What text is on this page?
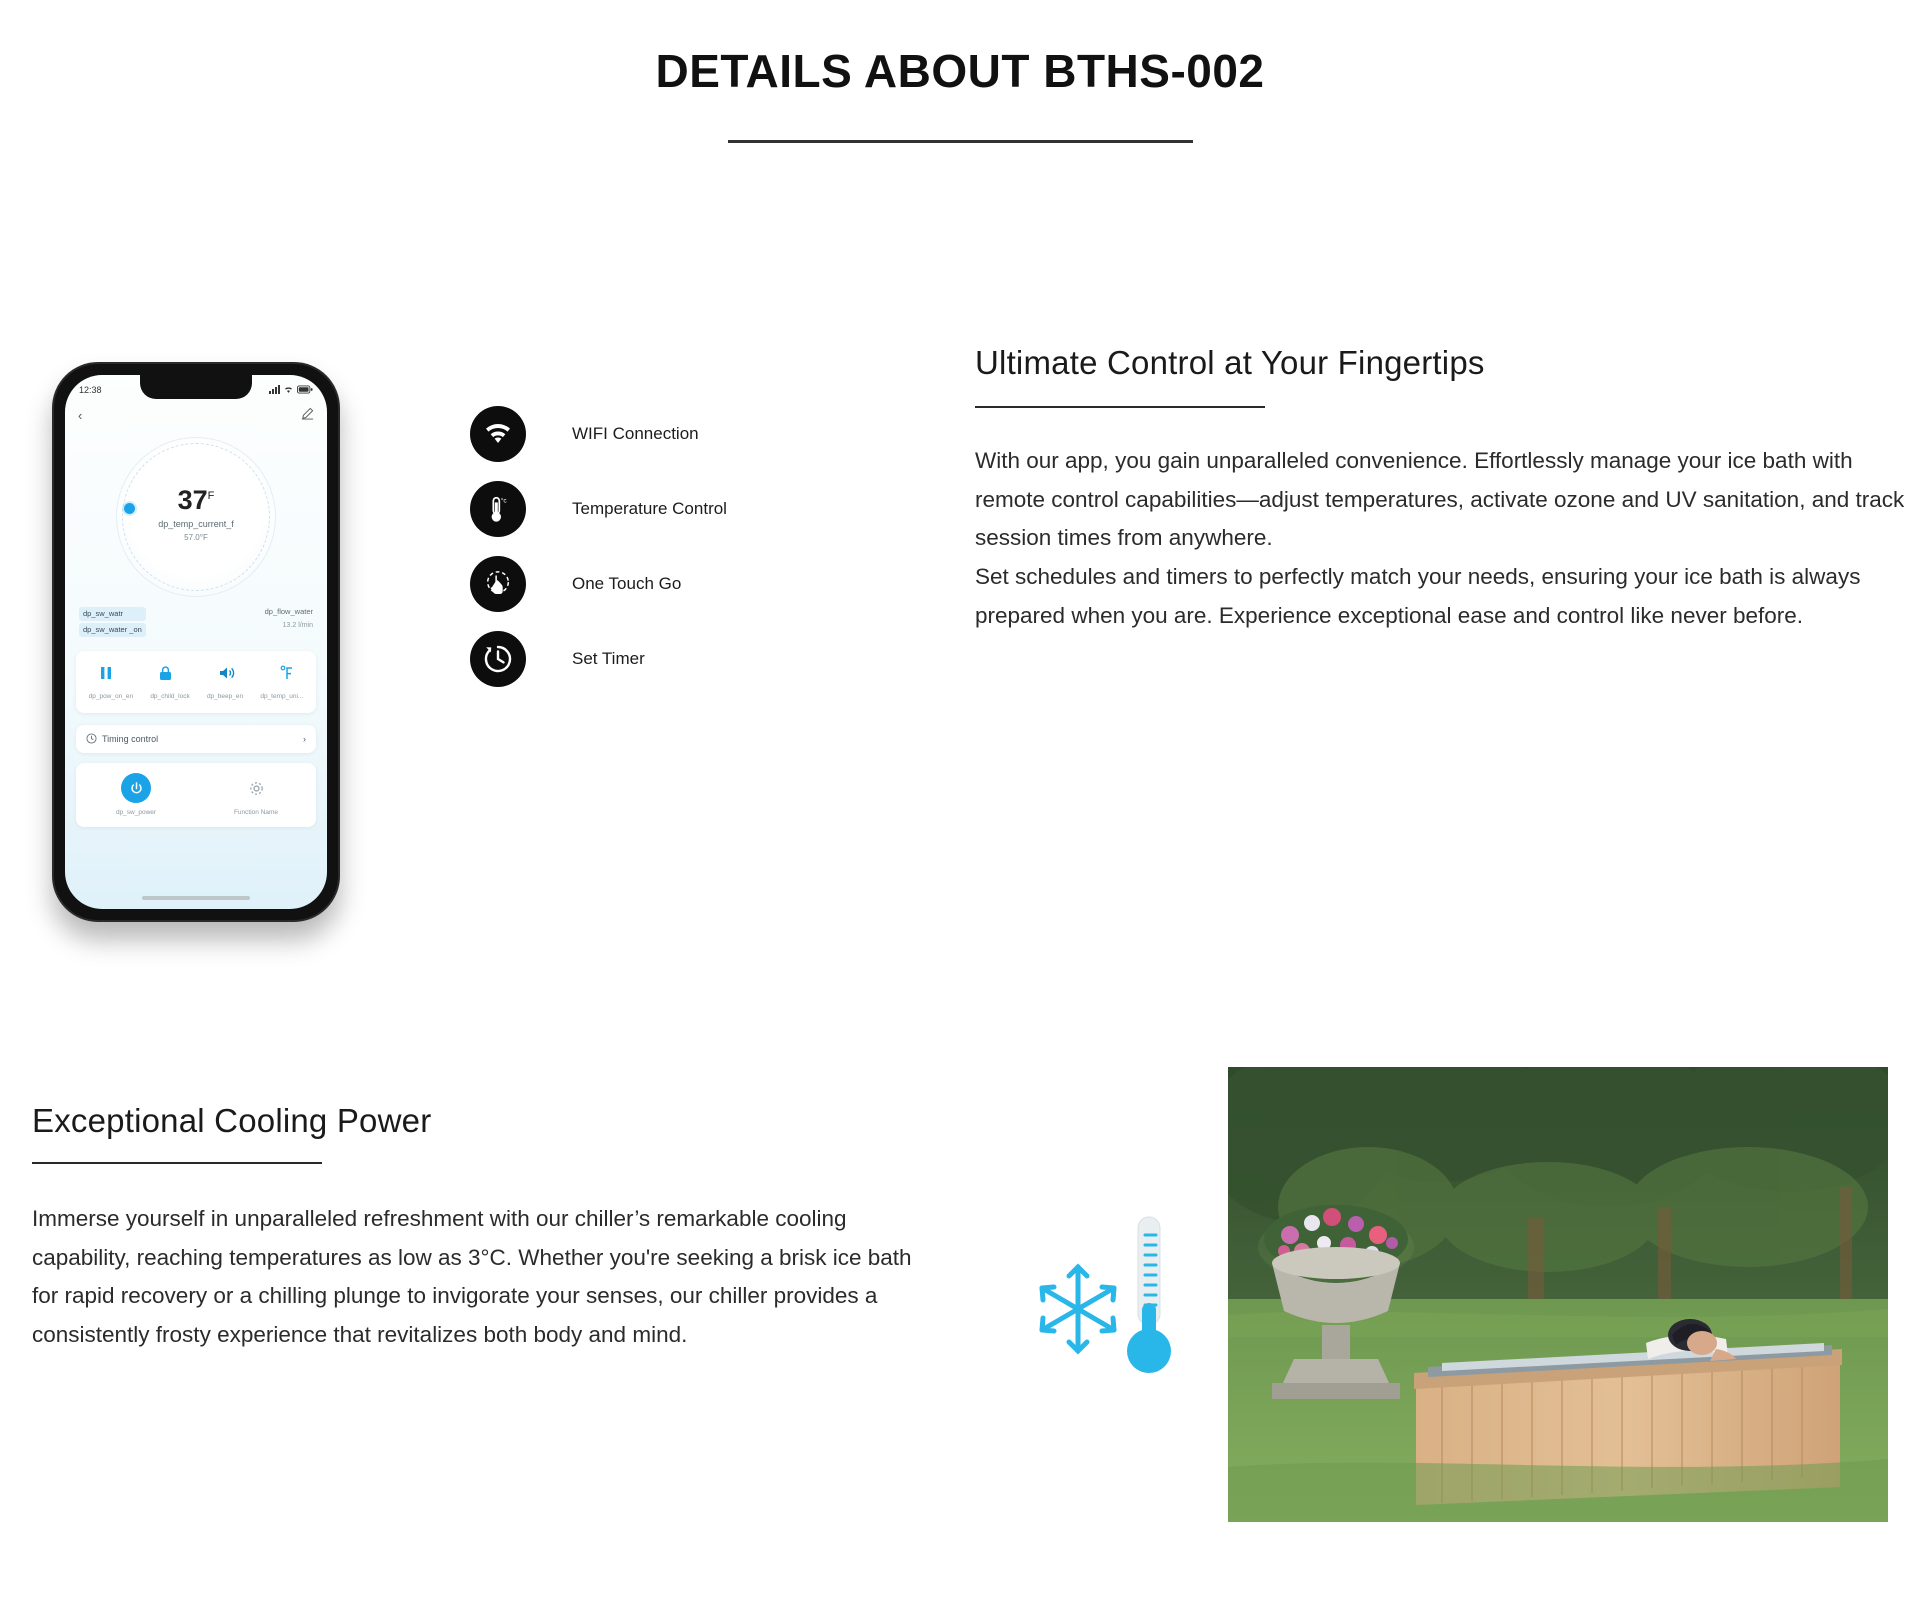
DETAILS ABOUT BTHS-002
12:38
‹
$37^F$
dp_temp_current_f
57.0°F
dp_sw_watr
dp_sw_water _on
dp_flow_water
13.2 l/min
dp_pow_on_en	dp_child_lock	dp_beep_en	dp_temp_uni...
Timing control	›
dp_sw_power	Function Name
WIFI Connection
°c	Temperature Control
One Touch Go
Set Timer
Ultimate Control at Your Fingertips

With our app, you gain unparalleled convenience. Effortlessly manage your ice bath with remote control capabilities—adjust temperatures, activate ozone and UV sanitation, and track session times from anywhere.

Set schedules and timers to perfectly match your needs, ensuring your ice bath is always prepared when you are. Experience exceptional ease and control like never before.

Exceptional Cooling Power

Immerse yourself in unparalleled refreshment with our chiller’s remarkable cooling capability, reaching temperatures as low as 3°C. Whether you're seeking a brisk ice bath for rapid recovery or a chilling plunge to invigorate your senses, our chiller provides a consistently frosty experience that revitalizes both body and mind.
